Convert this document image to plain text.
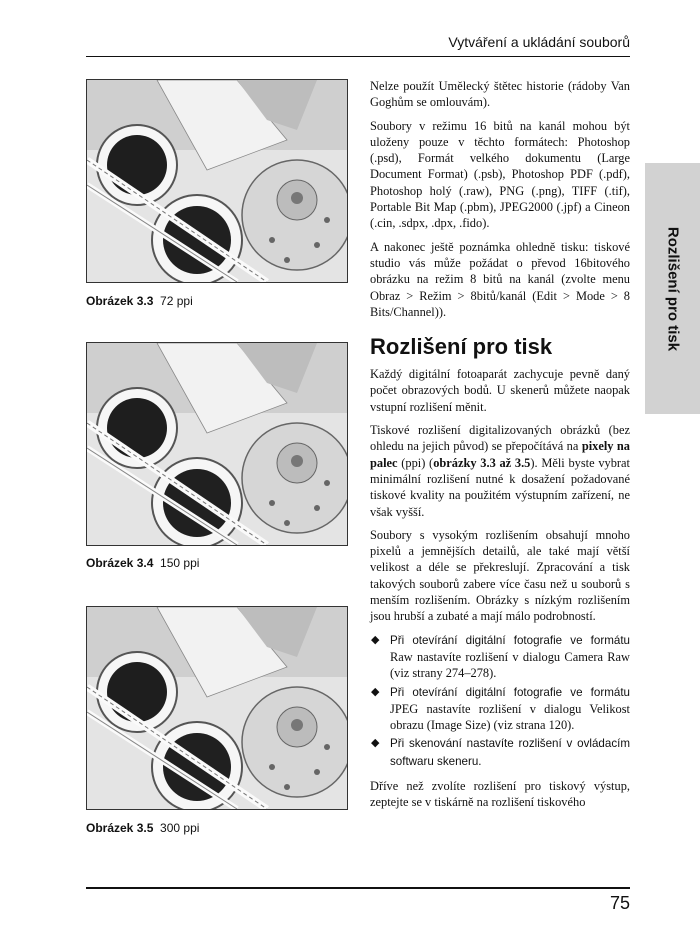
Vytváření a ukládání souborů
Rozlišení pro tisk
Obrázek 3.3 72 ppi
Obrázek 3.4 150 ppi
Obrázek 3.5 300 ppi

Nelze použít Umělecký štětec historie (rádoby Van Goghům se omlouvám).

Soubory v režimu 16 bitů na kanál mohou být uloženy pouze v těchto formátech: Photoshop (.psd), Formát velkého dokumentu (Large Document Format) (.psb), Photoshop PDF (.pdf), Photoshop holý (.raw), PNG (.png), TIFF (.tif), Portable Bit Map (.pbm), JPEG2000 (.jpf) a Cineon (.cin, .sdpx, .dpx, .fido).

A nakonec ještě poznámka ohledně tisku: tiskové studio vás může požádat o převod 16bitového obrázku na režim 8 bitů na kanál (zvolte menu Obraz > Režim > 8bitů/kanál (Edit > Mode > 8 Bits/Channel)).

Rozlišení pro tisk

Každý digitální fotoaparát zachycuje pevně daný počet obrazových bodů. U skenerů můžete naopak vstupní rozlišení měnit.

Tiskové rozlišení digitalizovaných obrázků (bez ohledu na jejich původ) se přepočítává na pixely na palec (ppi) (obrázky 3.3 až 3.5). Měli byste vybrat minimální rozlišení nutné k dosažení požadované tiskové kvality na použitém výstupním zařízení, ne však vyšší.

Soubory s vysokým rozlišením obsahují mnoho pixelů a jemnějších detailů, ale také mají větší velikost a déle se překreslují. Zpracování a tisk takových souborů zabere více času než u souborů s menším rozlišením. Obrázky s nízkým rozlišením jsou hrubší a zubaté a mají málo podrobností.

◆ Při otevírání digitální fotografie ve formátu Raw nastavíte rozlišení v dialogu Camera Raw (viz strany 274–278).
◆ Při otevírání digitální fotografie ve formátu JPEG nastavíte rozlišení v dialogu Velikost obrazu (Image Size) (viz strana 120).
◆ Při skenování nastavíte rozlišení v ovládacím softwaru skeneru.

Dříve než zvolíte rozlišení pro tiskový výstup, zeptejte se v tiskárně na rozlišení tiskového

75
